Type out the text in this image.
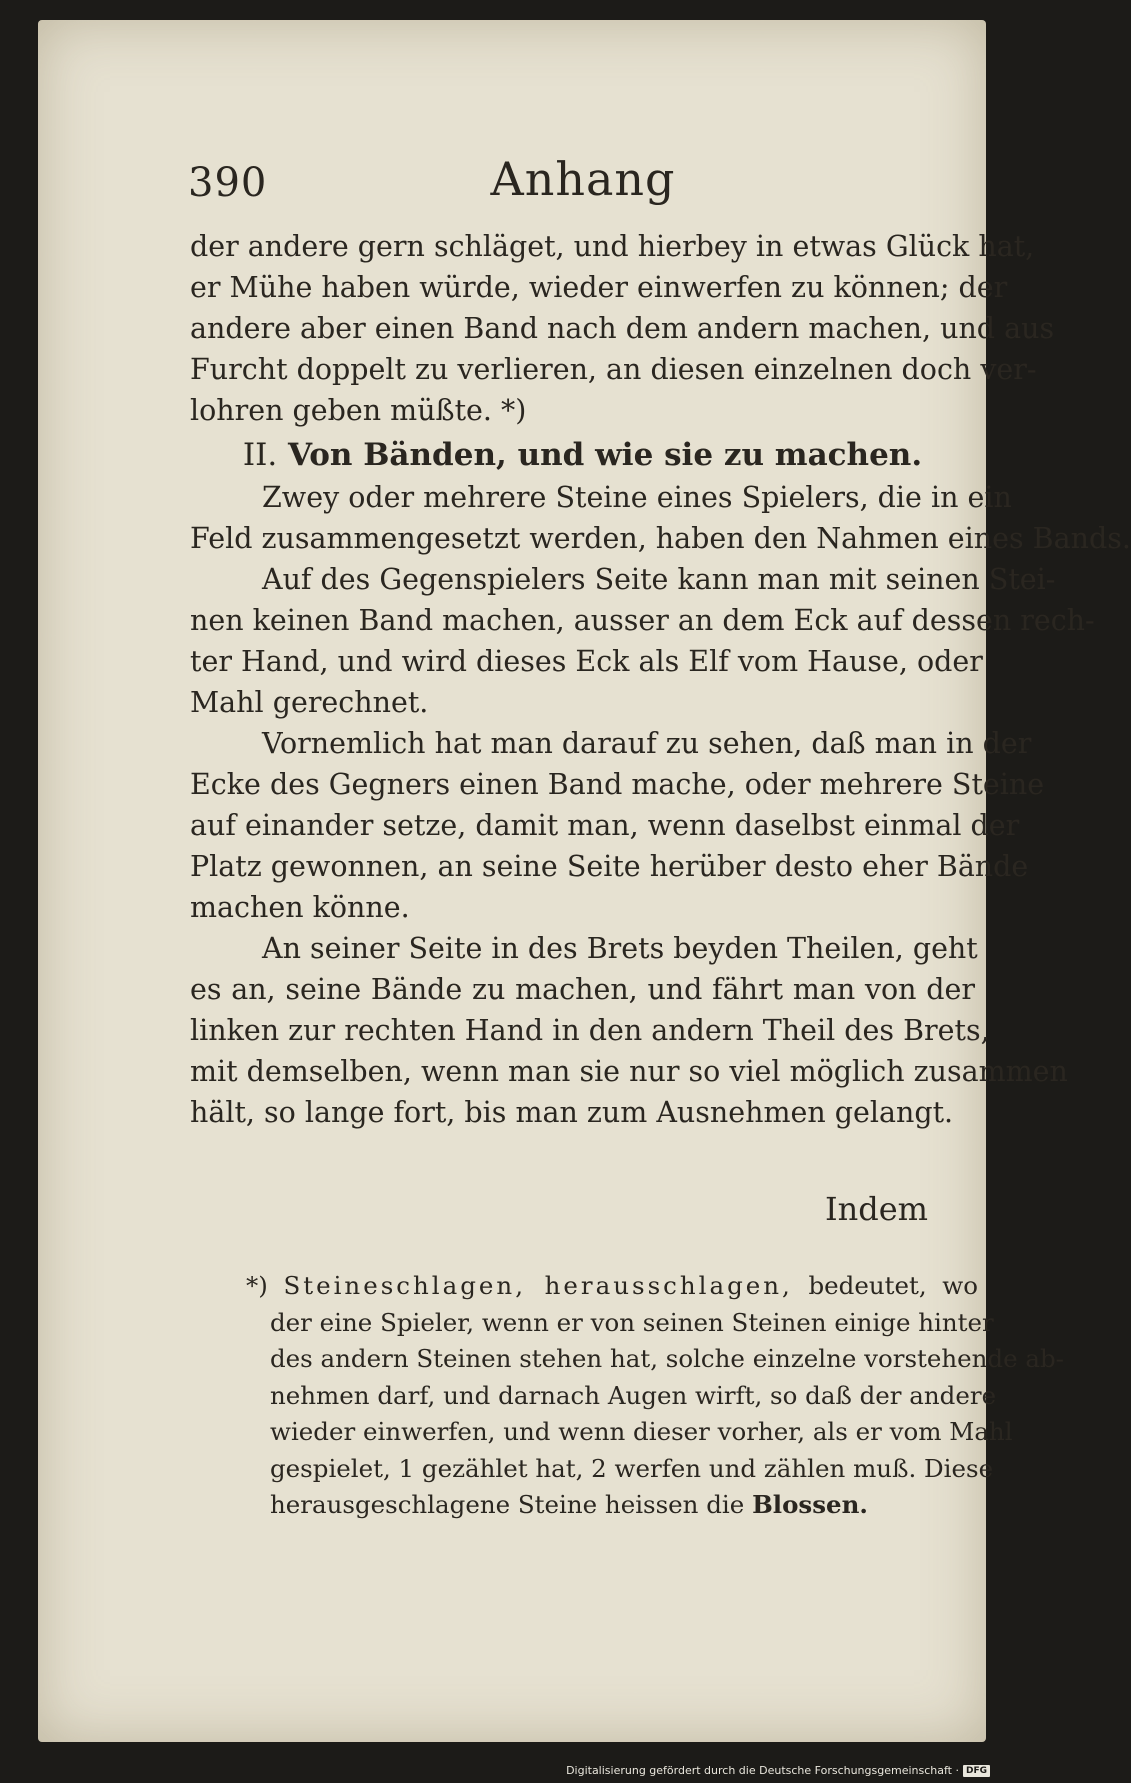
390	Anhang
der andere gern schläget, und hierbey in etwas Glück hat,
er Mühe haben würde, wieder einwerfen zu können; der
andere aber einen Band nach dem andern machen, und aus
Furcht doppelt zu verlieren, an diesen einzelnen doch ver-
lohren geben müßte. *)
II. Von Bänden, und wie sie zu machen.
Zwey oder mehrere Steine eines Spielers, die in ein
Feld zusammengesetzt werden, haben den Nahmen eines Bands.
Auf des Gegenspielers Seite kann man mit seinen Stei-
nen keinen Band machen, ausser an dem Eck auf dessen rech-
ter Hand, und wird dieses Eck als Elf vom Hause, oder
Mahl gerechnet.
Vornemlich hat man darauf zu sehen, daß man in der
Ecke des Gegners einen Band mache, oder mehrere Steine
auf einander setze, damit man, wenn daselbst einmal der
Platz gewonnen, an seine Seite herüber desto eher Bände
machen könne.
An seiner Seite in des Brets beyden Theilen, geht
es an, seine Bände zu machen, und fährt man von der
linken zur rechten Hand in den andern Theil des Brets,
mit demselben, wenn man sie nur so viel möglich zusammen
hält, so lange fort, bis man zum Ausnehmen gelangt.
Indem
*) Steineschlagen, herausschlagen, bedeutet, wo
der eine Spieler, wenn er von seinen Steinen einige hinter
des andern Steinen stehen hat, solche einzelne vorstehende ab-
nehmen darf, und darnach Augen wirft, so daß der andere
wieder einwerfen, und wenn dieser vorher, als er vom Mahl
gespielet, 1 gezählet hat, 2 werfen und zählen muß. Diese
herausgeschlagene Steine heissen die Blossen.
Digitalisierung gefördert durch die Deutsche Forschungsgemeinschaft · DFG
